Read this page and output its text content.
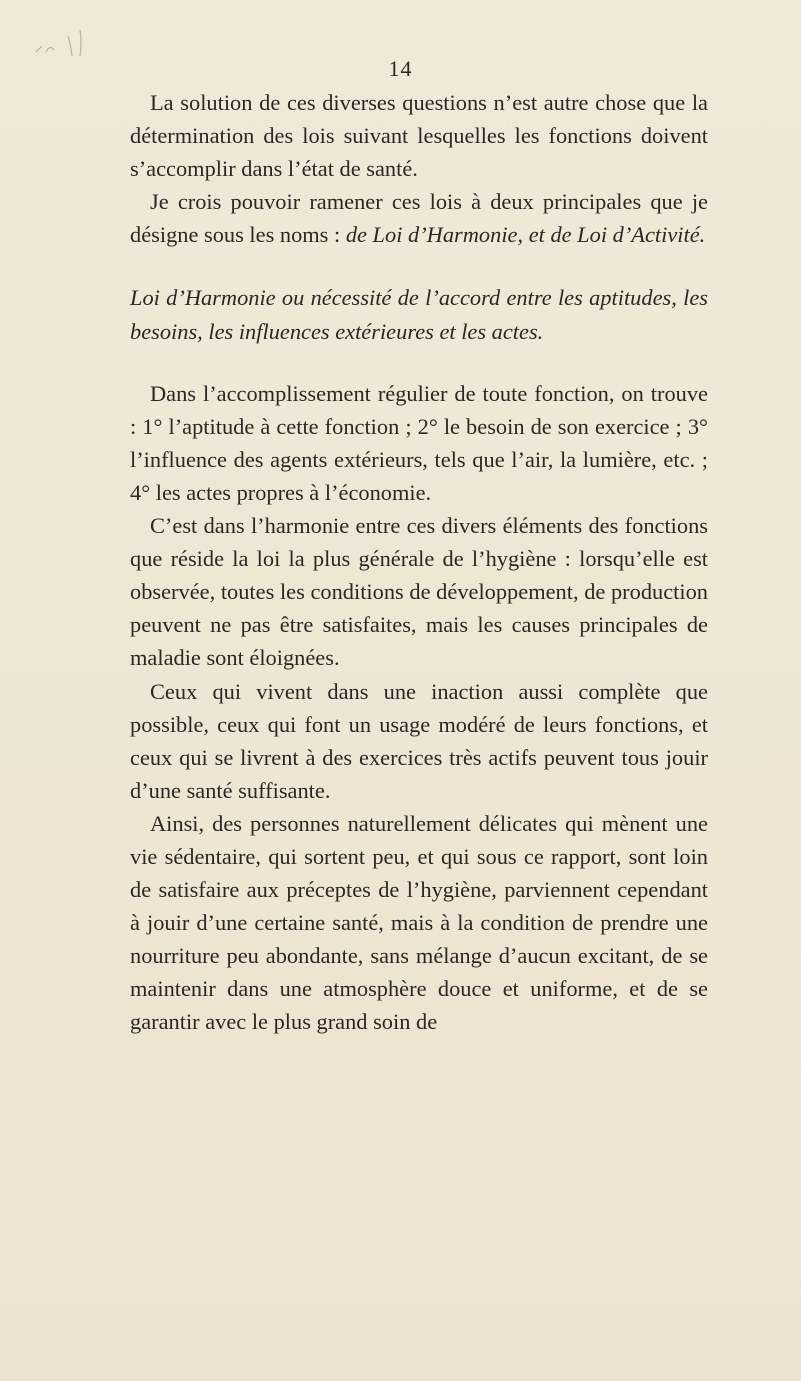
14

La solution de ces diverses questions n’est autre chose que la détermination des lois suivant lesquelles les fonctions doivent s’accomplir dans l’état de santé.

Je crois pouvoir ramener ces lois à deux principales que je désigne sous les noms : de Loi d’Harmonie, et de Loi d’Activité.

Loi d’Harmonie ou nécessité de l’accord entre les aptitudes, les besoins, les influences extérieures et les actes.

Dans l’accomplissement régulier de toute fonction, on trouve : 1° l’aptitude à cette fonction ; 2° le besoin de son exercice ; 3° l’influence des agents extérieurs, tels que l’air, la lumière, etc. ; 4° les actes propres à l’économie.

C’est dans l’harmonie entre ces divers éléments des fonctions que réside la loi la plus générale de l’hygiène : lorsqu’elle est observée, toutes les conditions de développement, de production peuvent ne pas être satisfaites, mais les causes principales de maladie sont éloignées.

Ceux qui vivent dans une inaction aussi complète que possible, ceux qui font un usage modéré de leurs fonctions, et ceux qui se livrent à des exercices très actifs peuvent tous jouir d’une santé suffisante.

Ainsi, des personnes naturellement délicates qui mènent une vie sédentaire, qui sortent peu, et qui sous ce rapport, sont loin de satisfaire aux préceptes de l’hygiène, parviennent cependant à jouir d’une certaine santé, mais à la condition de prendre une nourriture peu abondante, sans mélange d’aucun excitant, de se maintenir dans une atmosphère douce et uniforme, et de se garantir avec le plus grand soin de
